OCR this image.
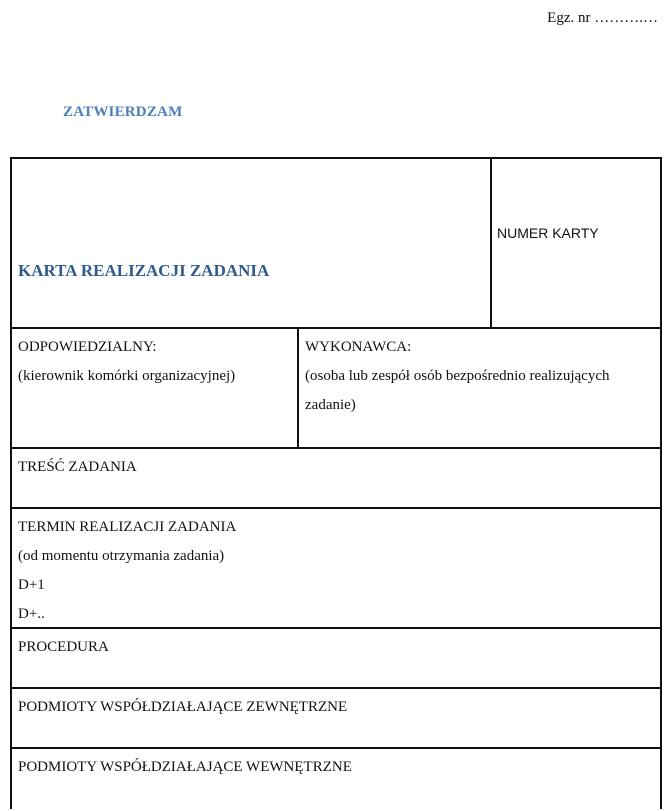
Egz. nr ……….…
ZATWIERDZAM
KARTA REALIZACJI ZADANIA
NUMER KARTY
ODPOWIEDZIALNY:
(kierownik komórki organizacyjnej)
WYKONAWCA:
(osoba lub zespół osób bezpośrednio realizujących zadanie)
TREŚĆ ZADANIA
TERMIN REALIZACJI ZADANIA
(od momentu otrzymania zadania)
D+1
D+..
PROCEDURA
PODMIOTY WSPÓŁDZIAŁAJĄCE ZEWNĘTRZNE
PODMIOTY WSPÓŁDZIAŁAJĄCE WEWNĘTRZNE
